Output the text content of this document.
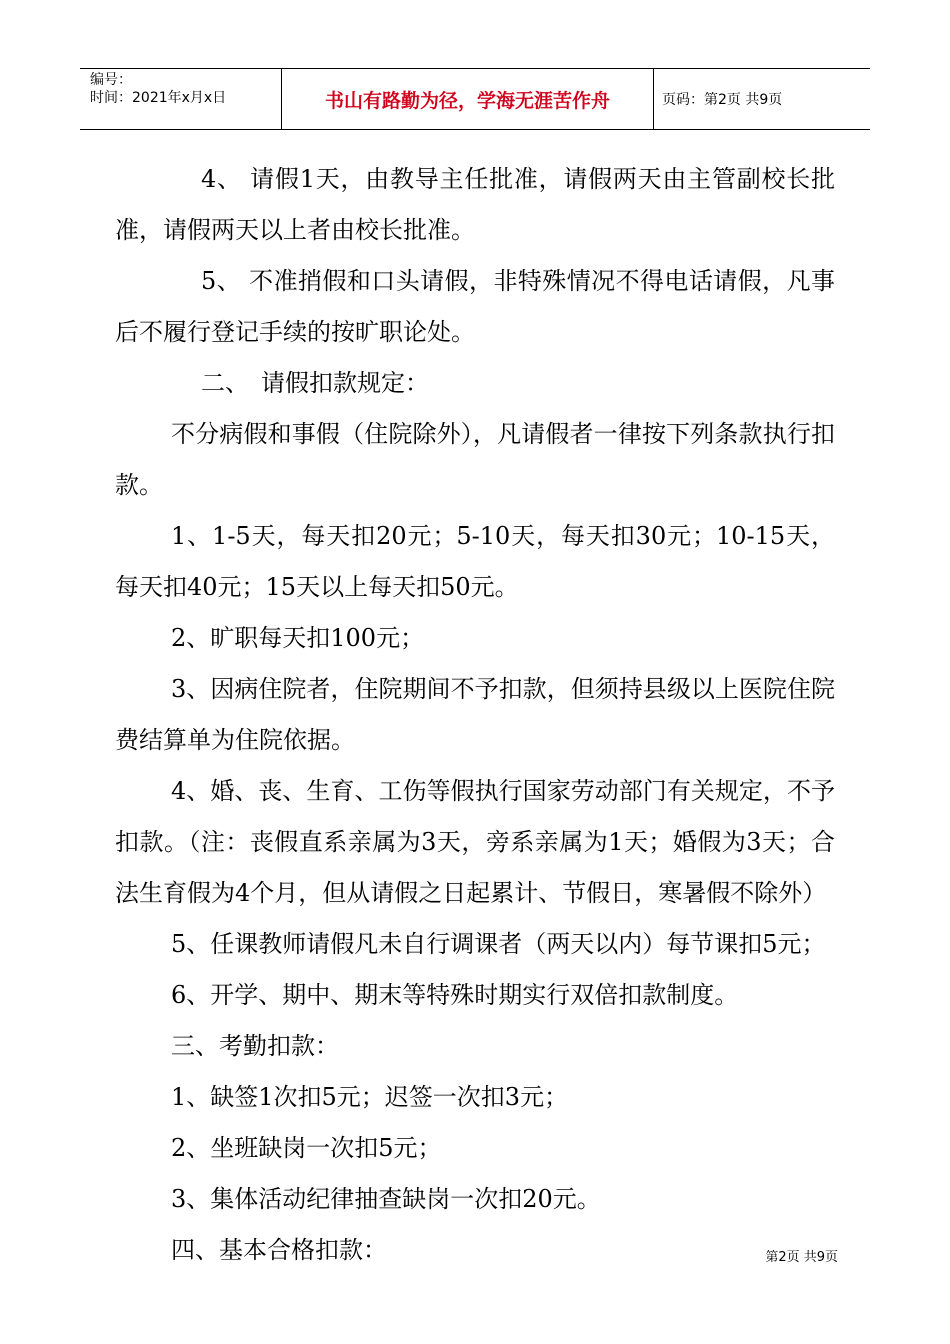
编号：
时间：2021年x月x日	书山有路勤为径，学海无涯苦作舟	页码：第2页 共9页

4、 请假1天，由教导主任批准，请假两天由主管副校长批准，请假两天以上者由校长批准。

5、 不准捎假和口头请假，非特殊情况不得电话请假，凡事后不履行登记手续的按旷职论处。

二、　请假扣款规定：

不分病假和事假（住院除外），凡请假者一律按下列条款执行扣款。

1、1-5天，每天扣20元；5-10天，每天扣30元；10-15天，每天扣40元；15天以上每天扣50元。

2、旷职每天扣100元；

3、因病住院者，住院期间不予扣款，但须持县级以上医院住院费结算单为住院依据。

4、婚、丧、生育、工伤等假执行国家劳动部门有关规定，不予扣款。（注：丧假直系亲属为3天，旁系亲属为1天；婚假为3天；合法生育假为4个月，但从请假之日起累计、节假日，寒暑假不除外）

5、任课教师请假凡未自行调课者（两天以内）每节课扣5元；

6、开学、期中、期末等特殊时期实行双倍扣款制度。

三、考勤扣款：

1、缺签1次扣5元；迟签一次扣3元；

2、坐班缺岗一次扣5元；

3、集体活动纪律抽查缺岗一次扣20元。

四、基本合格扣款：	第2页 共9页
